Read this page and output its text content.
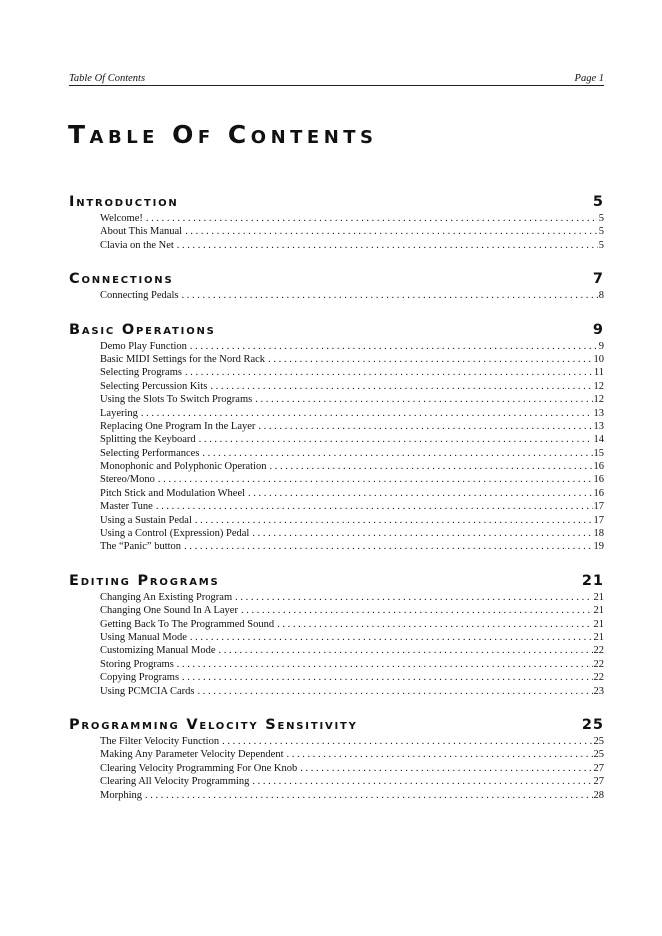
Table Of Contents	Page 1
Table Of Contents
Introduction	5
Welcome! . . .	5
About This Manual . . .	5
Clavia on the Net . . .	5
Connections	7
Connecting Pedals . . .	8
Basic Operations	9
Demo Play Function . . .	9
Basic MIDI Settings for the Nord Rack . . .	10
Selecting Programs . . .	11
Selecting Percussion Kits . . .	12
Using the Slots To Switch Programs . . .	12
Layering . . .	13
Replacing One Program In the Layer . . .	13
Splitting the Keyboard . . .	14
Selecting Performances . . .	15
Monophonic and Polyphonic Operation . . .	16
Stereo/Mono . . .	16
Pitch Stick and Modulation Wheel . . .	16
Master Tune . . .	17
Using a Sustain Pedal . . .	17
Using a Control (Expression) Pedal . . .	18
The “Panic” button . . .	19
Editing Programs	21
Changing An Existing Program . . .	21
Changing One Sound In A Layer . . .	21
Getting Back To The Programmed Sound . . .	21
Using Manual Mode . . .	21
Customizing Manual Mode . . .	22
Storing Programs . . .	22
Copying Programs . . .	22
Using PCMCIA Cards . . .	23
Programming Velocity Sensitivity	25
The Filter Velocity Function . . .	25
Making Any Parameter Velocity Dependent . . .	25
Clearing Velocity Programming For One Knob . . .	27
Clearing All Velocity Programming . . .	27
Morphing . . .	28
